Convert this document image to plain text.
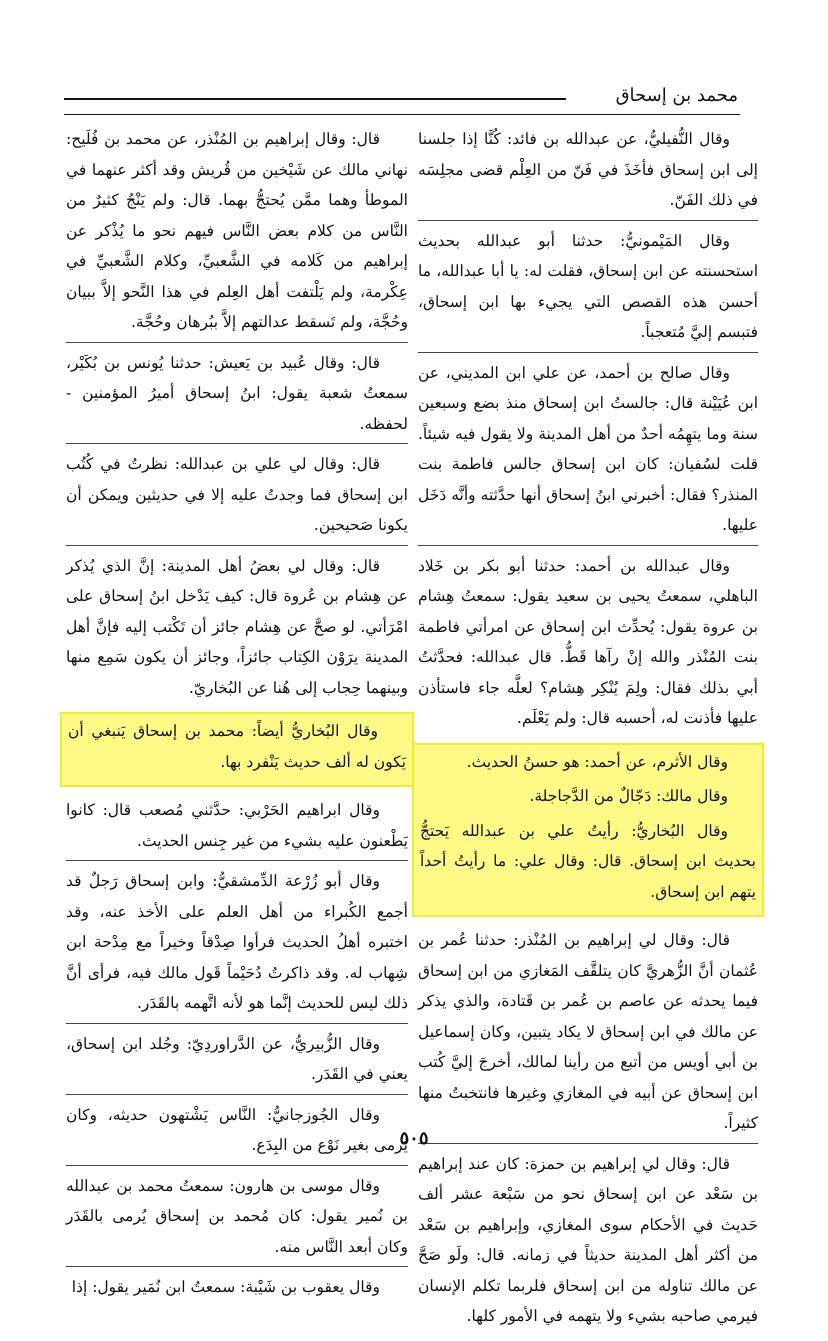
محمد بن إسحاق

وقال النُّفيليُّ، عن عبدالله بن فائد: كُنَّا إذا جلسنا إلى ابن إسحاق فأخَذَ في فَنّ من العِلْم قضى مجلِسَه في ذلك الفَنّ.

وقال المَيْمونيُّ: حدثنا أبو عبدالله بحديث استحسنته عن ابن إسحاق، فقلت له: يا أبا عبدالله، ما أحسن هذه القصص التي يجيء بها ابن إسحاق، فتبسم إليَّ مُتعجباً.

وقال صالح بن أحمد، عن علي ابن المديني، عن ابن عُيَيْنة قال: جالستُ ابن إسحاق منذ بضع وسبعين سنة وما يتهِمُه أحدٌ من أهل المدينة ولا يقول فيه شيئاً. قلت لسُفيان: كان ابن إسحاق جالس فاطمة بنت المنذر؟ فقال: أخبرني ابنُ إسحاق أنها حدَّثته وأنَّه دَخَل عليها.

وقال عبدالله بن أحمد: حدثنا أبو بكر بن خَلاد الباهلي، سمعتُ يحيى بن سعيد يقول: سمعتُ هِشام بن عروة يقول: يُحدِّث ابن إسحاق عن امرأتي فاطمة بنت المُنْذر والله إنْ رآها قَطُّ. قال عبدالله: فحدَّثتُ أبي بذلك فقال: ولِمَ يُنْكِر هِشام؟ لعلَّه جاء فاستأذن عليها فأذنت له، أحسبه قال: ولم يَعْلَم.

وقال الأثرم، عن أحمد: هو حسنُ الحديث.

وقال مالك: دَجّالٌ من الدَّجاجلة.

وقال البُخاريُّ: رأيتُ علي بن عبدالله يَحتجُّ بحديث ابن إسحاق. قال: وقال علي: ما رأيتُ أحداً يتهم ابن إسحاق.

قال: وقال لي إبراهيم بن المُنْذر: حدثنا عُمر بن عُثمان أنَّ الزُّهريَّ كان يتلقَّف المَغازي من ابن إسحاق فيما يحدثه عن عاصم بن عُمر بن قَتادة، والذي يذكر عن مالك في ابن إسحاق لا يكاد يتبين، وكان إسماعيل بن أبي أويس من أتبع من رأينا لمالك، أخرجَ إليَّ كُتب ابن إسحاق عن أبيه في المغازي وغيرها فانتخبتُ منها كثيراً.

قال: وقال لي إبراهيم بن حمزة: كان عند إبراهيم بن سَعْد عن ابن إسحاق نحو من سَبْعة عشر ألف حَديث في الأحكام سوى المغازي، وإبراهيم بن سَعْد من أكثر أهل المدينة حديثاً في زمانه. قال: ولَو صَحَّ عن مالك تناوله من ابن إسحاق فلربما تكلم الإنسان فيرمي صاحبه بشيء ولا يتهمه في الأمور كلها.

قال: وقال إبراهيم بن المُنْذر، عن محمد بن فُلَيح: نهاني مالك عن شَيْخين من قُريش وقد أكثر عنهما في الموطأ وهما ممَّن يُحتجُّ بهما. قال: ولم يَنْجُ كثيرٌ من النَّاس من كلام بعض النَّاس فيهم نحو ما يُذْكر عن إبراهيم من كَلامه في الشَّعبيِّ، وكلام الشَّعبيِّ في عِكْرمة، ولم يَلْتفت أهل العِلم في هذا النَّحو إلاَّ ببيان وحُجَّة، ولم تَسقط عدالتهم إلاَّ ببُرهان وحُجَّة.

قال: وقال عُبيد بن يَعيش: حدثنا يُونس بن بُكَيْر، سمعتُ شعبة يقول: ابنُ إسحاق أميرُ المؤمنين - لحفظه.

قال: وقال لي علي بن عبدالله: نظرتُ في كُتُب ابن إسحاق فما وجدتُ عليه إلا في حديثين ويمكن أن يكونا صَحيحين.

قال: وقال لي بعضُ أهل المدينة: إنَّ الذي يُذكر عن هِشام بن عُروة قال: كيف يَدْخل ابنُ إسحاق على امْرَأتي. لو صحَّ عن هِشام جائز أن تَكْتب إليه فإنَّ أهل المدينة يرَوْن الكِتاب جائزاً، وجائز أن يكون سَمِع منها وبينهما حِجاب إلى هُنا عن البُخاريّ.

وقال البُخاريُّ أيضاً: محمد بن إسحاق يَنبغي أن يَكون له ألف حديث يَنْفرد بها.

وقال ابراهيم الحَرْبي: حدَّثني مُصعب قال: كانوا يَطْعنون عليه بشيء من غير جِنس الحديث.

وقال أبو زُرْعة الدِّمشقيُّ: وابن إسحاق رَجلٌ قد أجمع الكُبراء من أهل العلم على الأخذ عنه، وقد اختبره أهلُ الحديث فرأوا صِدْقاً وخيراً مع مِدْحة ابن شِهاب له. وقد ذاكرتُ دُحَيْماً قَول مالك فيه، فرأى أنَّ ذلك ليس للحديث إنَّما هو لأنه اتَّهمه بالقَدَر.

وقال الزُّبيريُّ، عن الدَّراوردِيّ: وجُلد ابن إسحاق، يعني في القَدَر.

وقال الجُوزجانيُّ: النَّاس يَشْتهون حديثه، وكان يُرمى بغير نَوْع من البِدَع.

وقال موسى بن هارون: سمعتُ محمد بن عبدالله بن نُمير يقول: كان مُحمد بن إسحاق يُرمى بالقَدَر وكان أبعد النَّاس منه.

وقال يعقوب بن شَيْبة: سمعتُ ابن نُمَير يقول: إذا

٥٠٥
